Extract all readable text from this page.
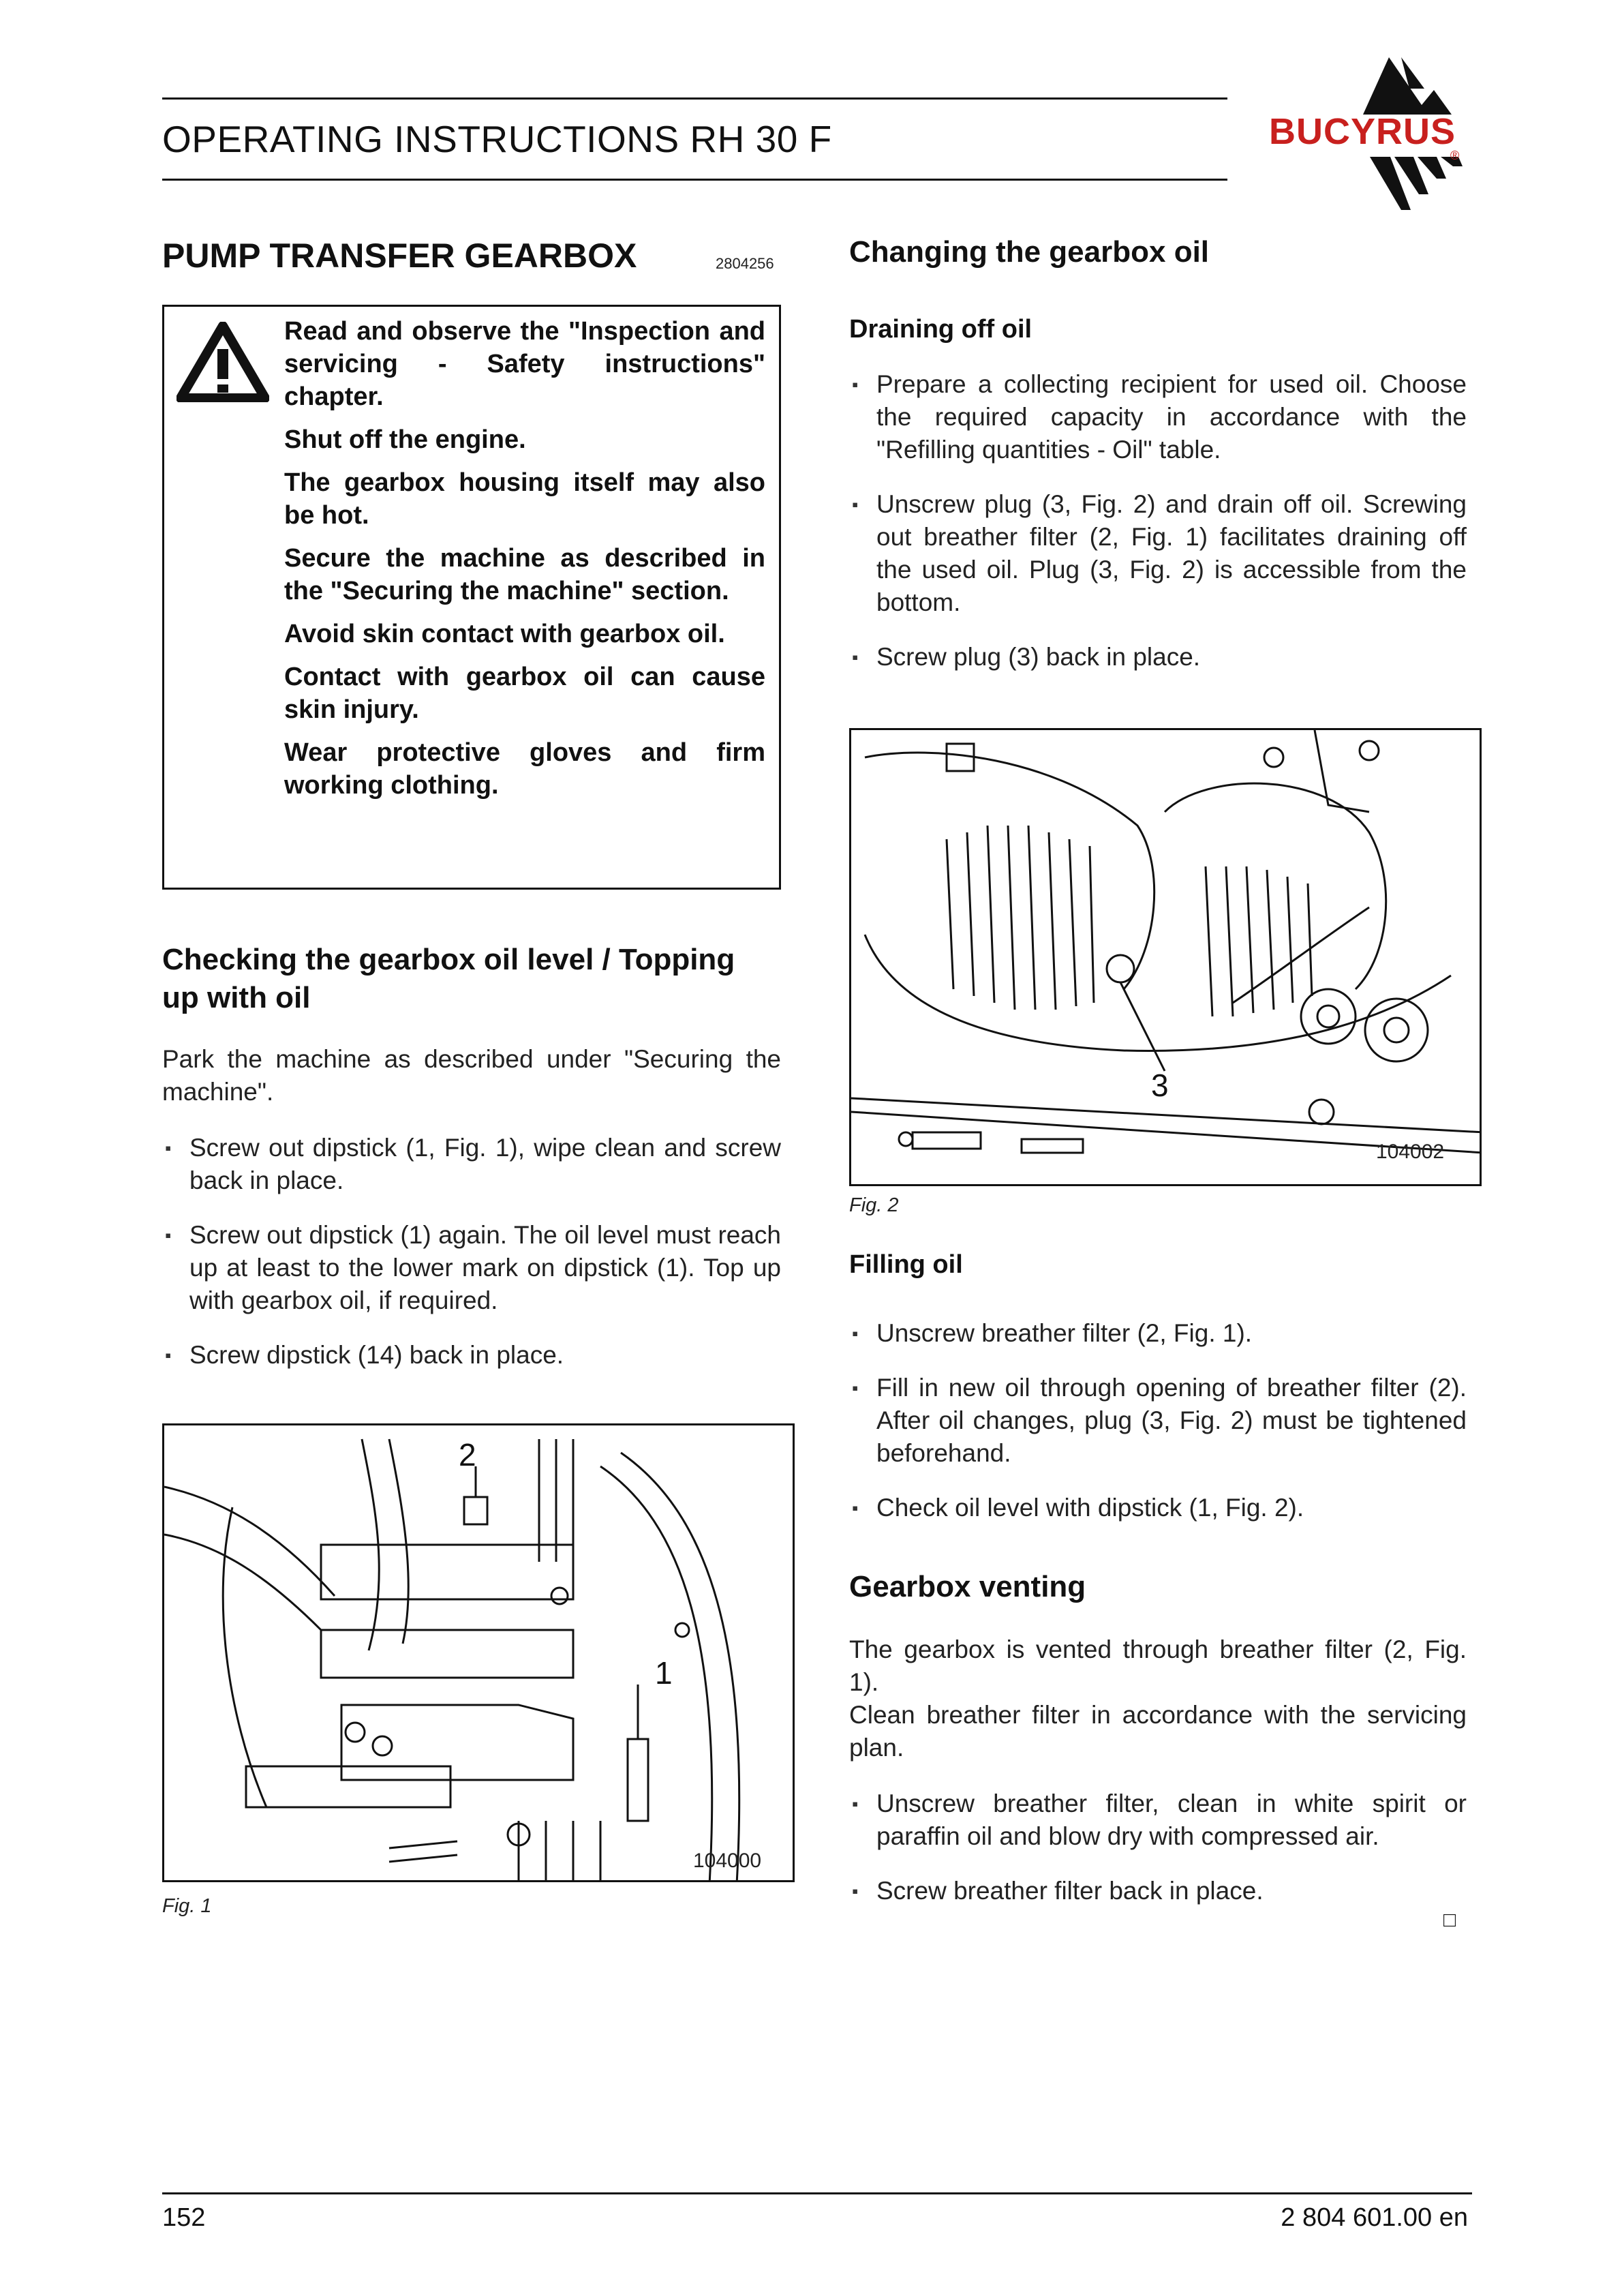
OPERATING INSTRUCTIONS RH 30 F	BUCYRUS
®
PUMP TRANSFER GEARBOX	2804256

Read and observe the "Inspection and servicing - Safety instructions" chapter.

Shut off the engine.

The gearbox housing itself may also be hot.

Secure the machine as described in the "Securing the machine" section.

Avoid skin contact with gearbox oil.

Contact with gearbox oil can cause skin injury.

Wear protective gloves and firm working clothing.

Checking the gearbox oil level / Topping up with oil
Park the machine as described under "Securing the machine".
▪ Screw out dipstick (1, Fig. 1), wipe clean and screw back in place.
▪ Screw out dipstick (1) again. The oil level must reach up at least to the lower mark on dipstick (1). Top up with gearbox oil, if required.
▪ Screw dipstick (14) back in place.
2
1
104000
Fig. 1
Changing the gearbox oil
Draining off oil
▪ Prepare a collecting recipient for used oil. Choose the required capacity in accordance with the "Refilling quantities - Oil" table.
▪ Unscrew plug (3, Fig. 2) and drain off oil. Screwing out breather filter (2, Fig. 1) facilitates draining off the used oil. Plug (3, Fig. 2) is accessible from the bottom.
▪ Screw plug (3) back in place.
3
104002
Fig. 2
Filling oil
▪ Unscrew breather filter (2, Fig. 1).
▪ Fill in new oil through opening of breather filter (2). After oil changes, plug (3, Fig. 2) must be tightened beforehand.
▪ Check oil level with dipstick (1, Fig. 2).
Gearbox venting
The gearbox is vented through breather filter (2, Fig. 1).
Clean breather filter in accordance with the servicing plan.
▪ Unscrew breather filter, clean in white spirit or paraffin oil and blow dry with compressed air.
▪ Screw breather filter back in place.
□
152	2 804 601.00 en
